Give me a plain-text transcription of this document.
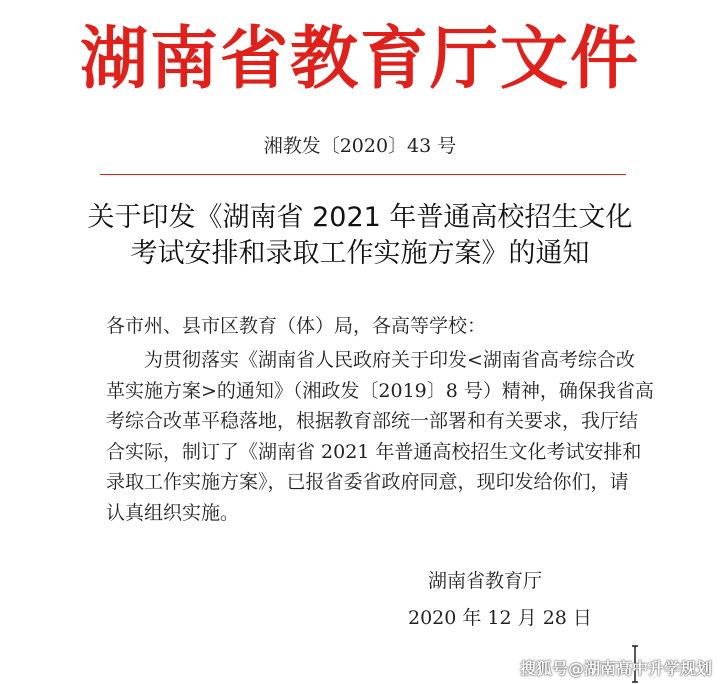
湖南省教育厅文件
湘教发〔2020〕43 号
关于印发《湖南省 2021 年普通高校招生文化
考试安排和录取工作实施方案》的通知
各市州、县市区教育（体）局，各高等学校：
为贯彻落实《湖南省人民政府关于印发<湖南省高考综合改
革实施方案>的通知》（湘政发〔2019〕8 号）精神，确保我省高
考综合改革平稳落地，根据教育部统一部署和有关要求，我厅结
合实际，制订了《湖南省 2021 年普通高校招生文化考试安排和
录取工作实施方案》，已报省委省政府同意，现印发给你们，请
认真组织实施。
湖南省教育厅
2020 年 12 月 28 日
搜狐号@湖南高中升学规划
